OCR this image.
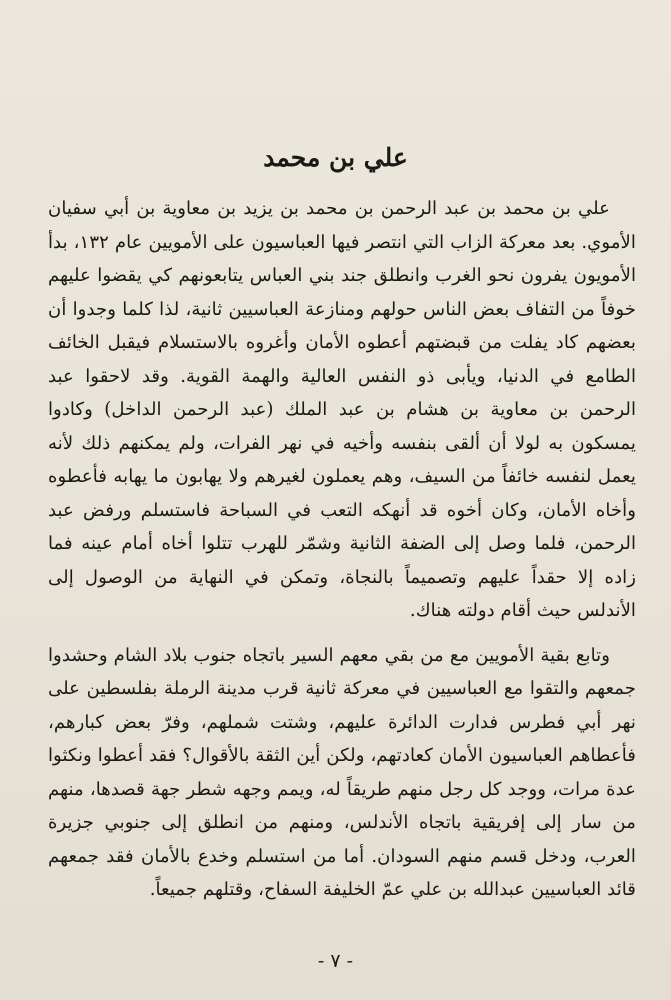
علي بن محمد

علي بن محمد بن عبد الرحمن بن محمد بن يزيد بن معاوية بن أبي سفيان الأموي. بعد معركة الزاب التي انتصر فيها العباسيون على الأمويين عام ١٣٢، بدأ الأمويون يفرون نحو الغرب وانطلق جند بني العباس يتابعونهم كي يقضوا عليهم خوفاً من التفاف بعض الناس حولهم ومنازعة العباسيين ثانية، لذا كلما وجدوا أن بعضهم كاد يفلت من قبضتهم أعطوه الأمان وأغروه بالاستسلام فيقبل الخائف الطامع في الدنيا، ويأبى ذو النفس العالية والهمة القوية. وقد لاحقوا عبد الرحمن بن معاوية بن هشام بن عبد الملك (عبد الرحمن الداخل) وكادوا يمسكون به لولا أن ألقى بنفسه وأخيه في نهر الفرات، ولم يمكنهم ذلك لأنه يعمل لنفسه خائفاً من السيف، وهم يعملون لغيرهم ولا يهابون ما يهابه فأعطوه وأخاه الأمان، وكان أخوه قد أنهكه التعب في السباحة فاستسلم ورفض عبد الرحمن، فلما وصل إلى الضفة الثانية وشمّر للهرب تتلوا أخاه أمام عينه فما زاده إلا حقداً عليهم وتصميماً بالنجاة، وتمكن في النهاية من الوصول إلى الأندلس حيث أقام دولته هناك.

وتابع بقية الأمويين مع من بقي معهم السير باتجاه جنوب بلاد الشام وحشدوا جمعهم والتقوا مع العباسيين في معركة ثانية قرب مدينة الرملة بفلسطين على نهر أبي فطرس فدارت الدائرة عليهم، وشتت شملهم، وفرّ بعض كبارهم، فأعطاهم العباسيون الأمان كعادتهم، ولكن أين الثقة بالأقوال؟ فقد أعطوا ونكثوا عدة مرات، ووجد كل رجل منهم طريقاً له، ويمم وجهه شطر جهة قصدها، منهم من سار إلى إفريقية باتجاه الأندلس، ومنهم من انطلق إلى جنوبي جزيرة العرب، ودخل قسم منهم السودان. أما من استسلم وخدع بالأمان فقد جمعهم قائد العباسيين عبدالله بن علي عمّ الخليفة السفاح، وقتلهم جميعاً.

- ٧ -
